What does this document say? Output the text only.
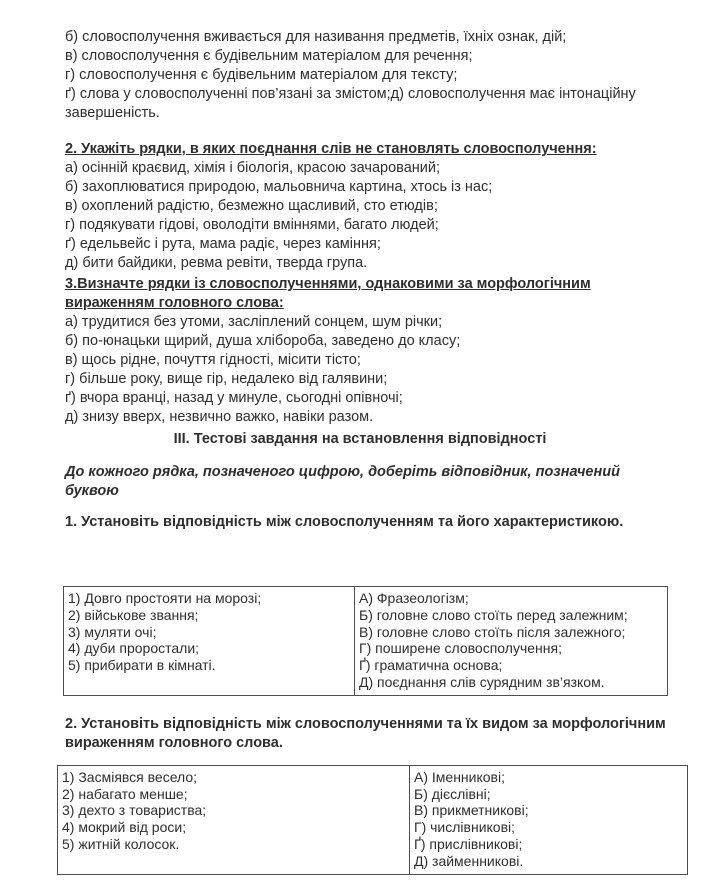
б) словосполучення вживається для називання предметів, їхніх ознак, дій;
в) словосполучення є будівельним матеріалом для речення;
г) словосполучення є будівельним матеріалом для тексту;
ґ) слова у словосполученні пов’язані за змістом;д) словосполучення має інтонаційну завершеність.
2. Укажіть рядки, в яких поєднання слів не становлять словосполучення:
а) осінній краєвид, хімія і біологія, красою зачарований;
б) захоплюватися природою, мальовнича картина, хтось із нас;
в) охоплений радістю, безмежно щасливий, сто етюдів;
г) подякувати гідові, оволодіти вміннями, багато людей;
ґ) едельвейс і рута, мама радіє, через каміння;
д) бити байдики, ревма ревіти, тверда група.
3.Визначте рядки із словосполученнями, однаковими за морфологічним вираженням головного слова:
а) трудитися без утоми, засліплений сонцем, шум річки;
б) по-юнацьки щирий, душа хлібороба, заведено до класу;
в) щось рідне, почуття гідності, місити тісто;
г) більше року, вище гір, недалеко від галявини;
ґ) вчора вранці, назад у минуле, сьогодні опівночі;
д) знизу вверх, незвично важко, навіки разом.
ІІІ. Тестові завдання на встановлення відповідності
До кожного рядка, позначеного цифрою, доберіть відповідник, позначений буквою
1. Установіть відповідність між словосполученням та його характеристикою.
1) Довго простояти на морозі;
2) військове звання;
3) муляти очі;
4) дуби проростали;
5) прибирати в кімнаті.

А) Фразеологізм;
Б) головне слово стоїть перед залежним;
В) головне слово стоїть після залежного;
Г) поширене словосполучення;
Ґ) граматична основа;
Д) поєднання слів сурядним зв’язком.
2. Установіть відповідність між словосполученнями та їх видом за морфологічним вираженням головного слова.
1) Засміявся весело;
2) набагато менше;
3) дехто з товариства;
4) мокрий від роси;
5) житній колосок.

А) Іменникові;
Б) дієслівні;
В) прикметникові;
Г) числівникові;
Ґ) прислівникові;
Д) займенникові.
